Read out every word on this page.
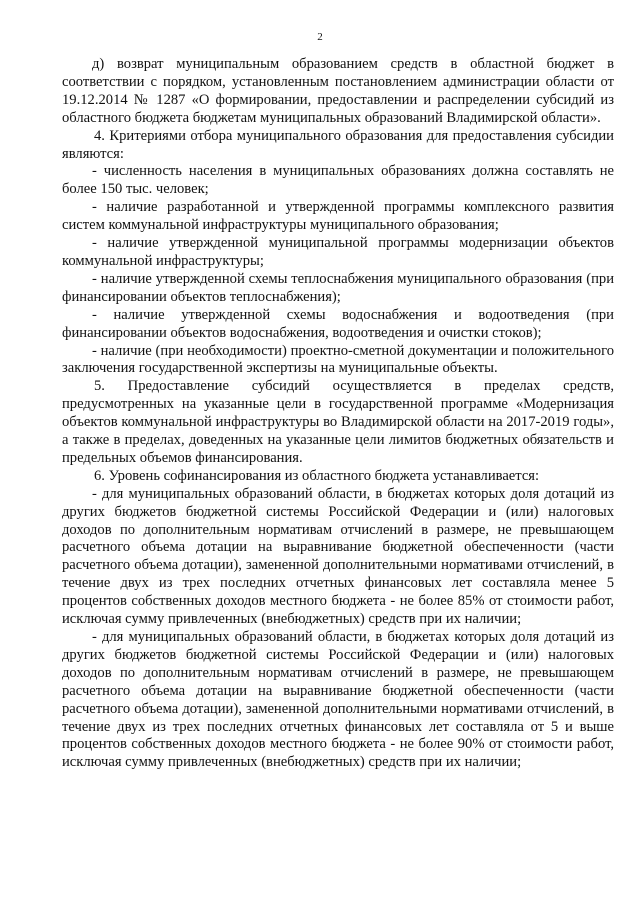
2

д) возврат муниципальным образованием средств в областной бюджет в соответствии с порядком, установленным постановлением администрации области от 19.12.2014 № 1287 «О формировании, предоставлении и распределении субсидий из областного бюджета бюджетам муниципальных образований Владимирской области».

4. Критериями отбора муниципального образования для предоставления субсидии являются:

- численность населения в муниципальных образованиях должна составлять не более 150 тыс. человек;

- наличие разработанной и утвержденной программы комплексного развития систем коммунальной инфраструктуры муниципального образования;

- наличие утвержденной муниципальной программы модернизации объектов коммунальной инфраструктуры;

- наличие утвержденной схемы теплоснабжения муниципального образования (при финансировании объектов теплоснабжения);

- наличие утвержденной схемы водоснабжения и водоотведения (при финансировании объектов водоснабжения, водоотведения и очистки стоков);

- наличие (при необходимости) проектно-сметной документации и положительного заключения государственной экспертизы на муниципальные объекты.

5. Предоставление субсидий осуществляется в пределах средств, предусмотренных на указанные цели в государственной программе «Модернизация объектов коммунальной инфраструктуры во Владимирской области на 2017-2019 годы», а также в пределах, доведенных на указанные цели лимитов бюджетных обязательств и предельных объемов финансирования.

6. Уровень софинансирования из областного бюджета устанавливается:

- для муниципальных образований области, в бюджетах которых доля дотаций из других бюджетов бюджетной системы Российской Федерации и (или) налоговых доходов по дополнительным нормативам отчислений в размере, не превышающем расчетного объема дотации на выравнивание бюджетной обеспеченности (части расчетного объема дотации), замененной дополнительными нормативами отчислений, в течение двух из трех последних отчетных финансовых лет составляла менее 5 процентов собственных доходов местного бюджета - не более 85% от стоимости работ, исключая сумму привлеченных (внебюджетных) средств при их наличии;

- для муниципальных образований области, в бюджетах которых доля дотаций из других бюджетов бюджетной системы Российской Федерации и (или) налоговых доходов по дополнительным нормативам отчислений в размере, не превышающем расчетного объема дотации на выравнивание бюджетной обеспеченности (части расчетного объема дотации), замененной дополнительными нормативами отчислений, в течение двух из трех последних отчетных финансовых лет составляла от 5 и выше процентов собственных доходов местного бюджета - не более 90% от стоимости работ, исключая сумму привлеченных (внебюджетных) средств при их наличии;
